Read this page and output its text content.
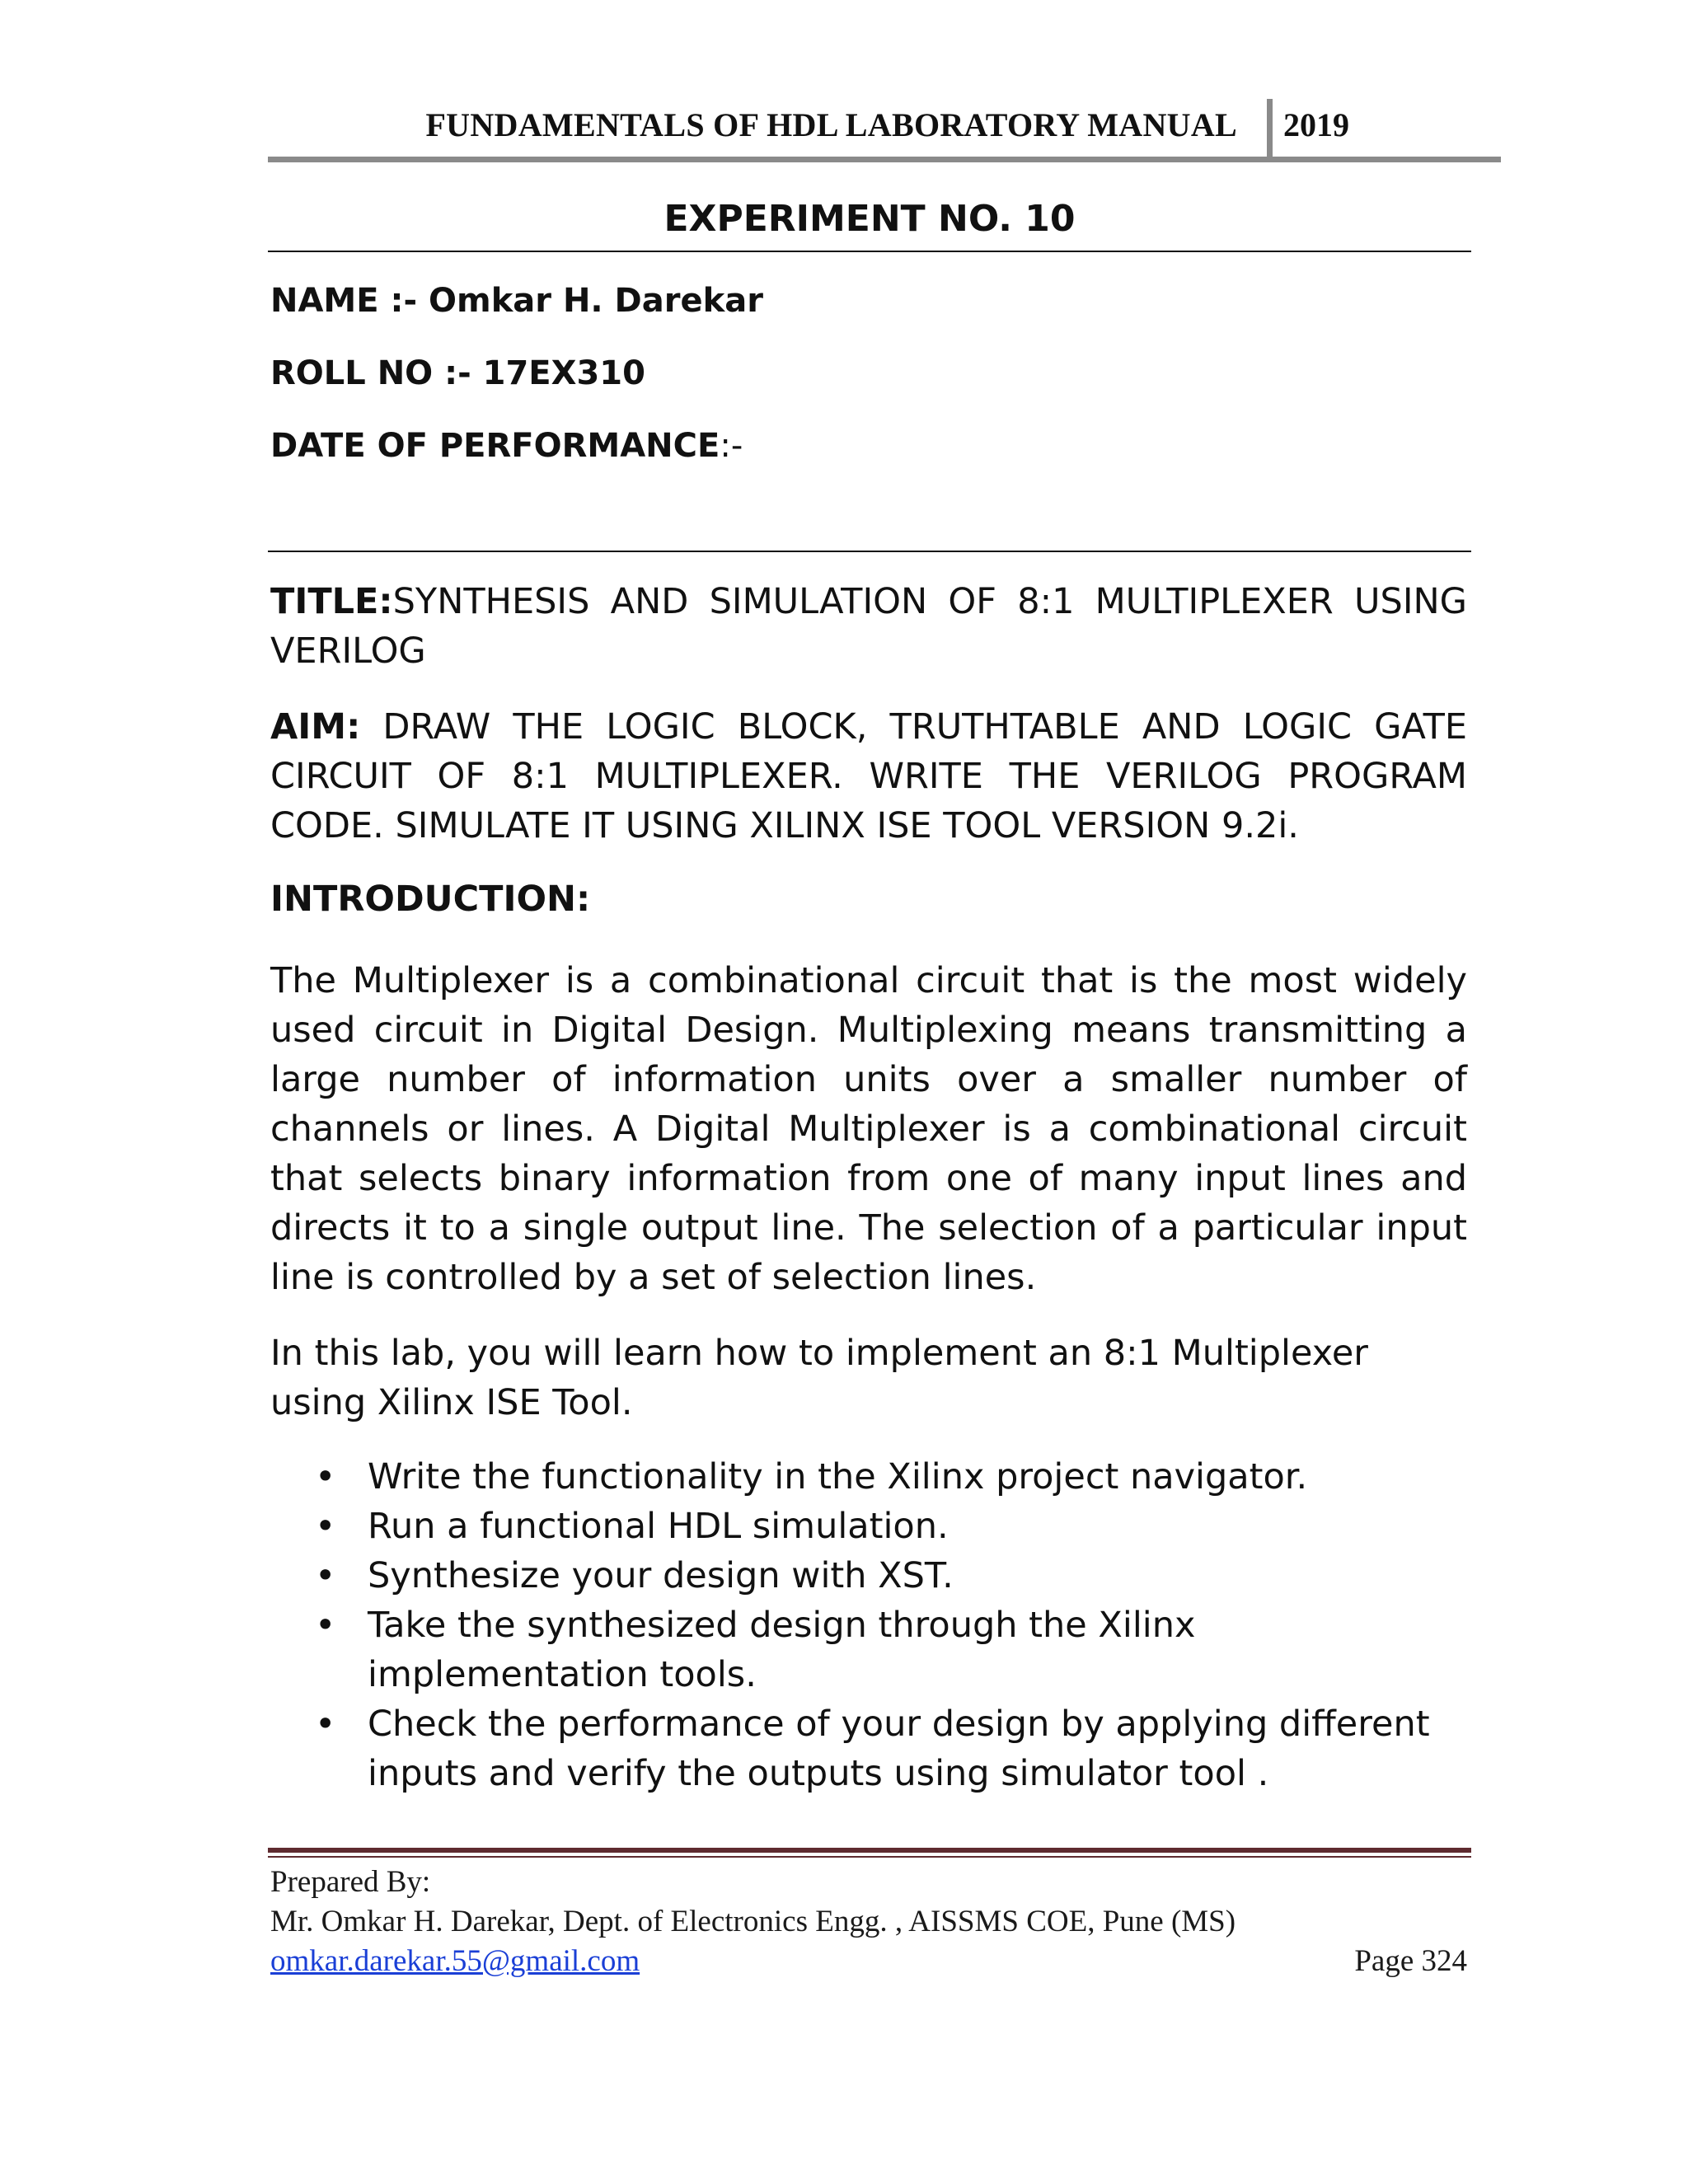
FUNDAMENTALS OF HDL LABORATORY MANUAL 2019
EXPERIMENT NO. 10
NAME :- Omkar H. Darekar
ROLL NO :- 17EX310
DATE OF PERFORMANCE:-

TITLE:SYNTHESIS AND SIMULATION OF 8:1 MULTIPLEXER USING VERILOG

AIM: DRAW THE LOGIC BLOCK, TRUTHTABLE AND LOGIC GATE CIRCUIT OF 8:1 MULTIPLEXER. WRITE THE VERILOG PROGRAM CODE. SIMULATE IT USING XILINX ISE TOOL VERSION 9.2i.

INTRODUCTION:

The Multiplexer is a combinational circuit that is the most widely used circuit in Digital Design. Multiplexing means transmitting a large number of information units over a smaller number of channels or lines. A Digital Multiplexer is a combinational circuit that selects binary information from one of many input lines and directs it to a single output line. The selection of a particular input line is controlled by a set of selection lines.

In this lab, you will learn how to implement an 8:1 Multiplexer using Xilinx ISE Tool.

• Write the functionality in the Xilinx project navigator.
• Run a functional HDL simulation.
• Synthesize your design with XST.
• Take the synthesized design through the Xilinx implementation tools.
• Check the performance of your design by applying different inputs and verify the outputs using simulator tool .
Prepared By:
Mr. Omkar H. Darekar, Dept. of Electronics Engg. , AISSMS COE, Pune (MS)
omkar.darekar.55@gmail.com	Page 324
